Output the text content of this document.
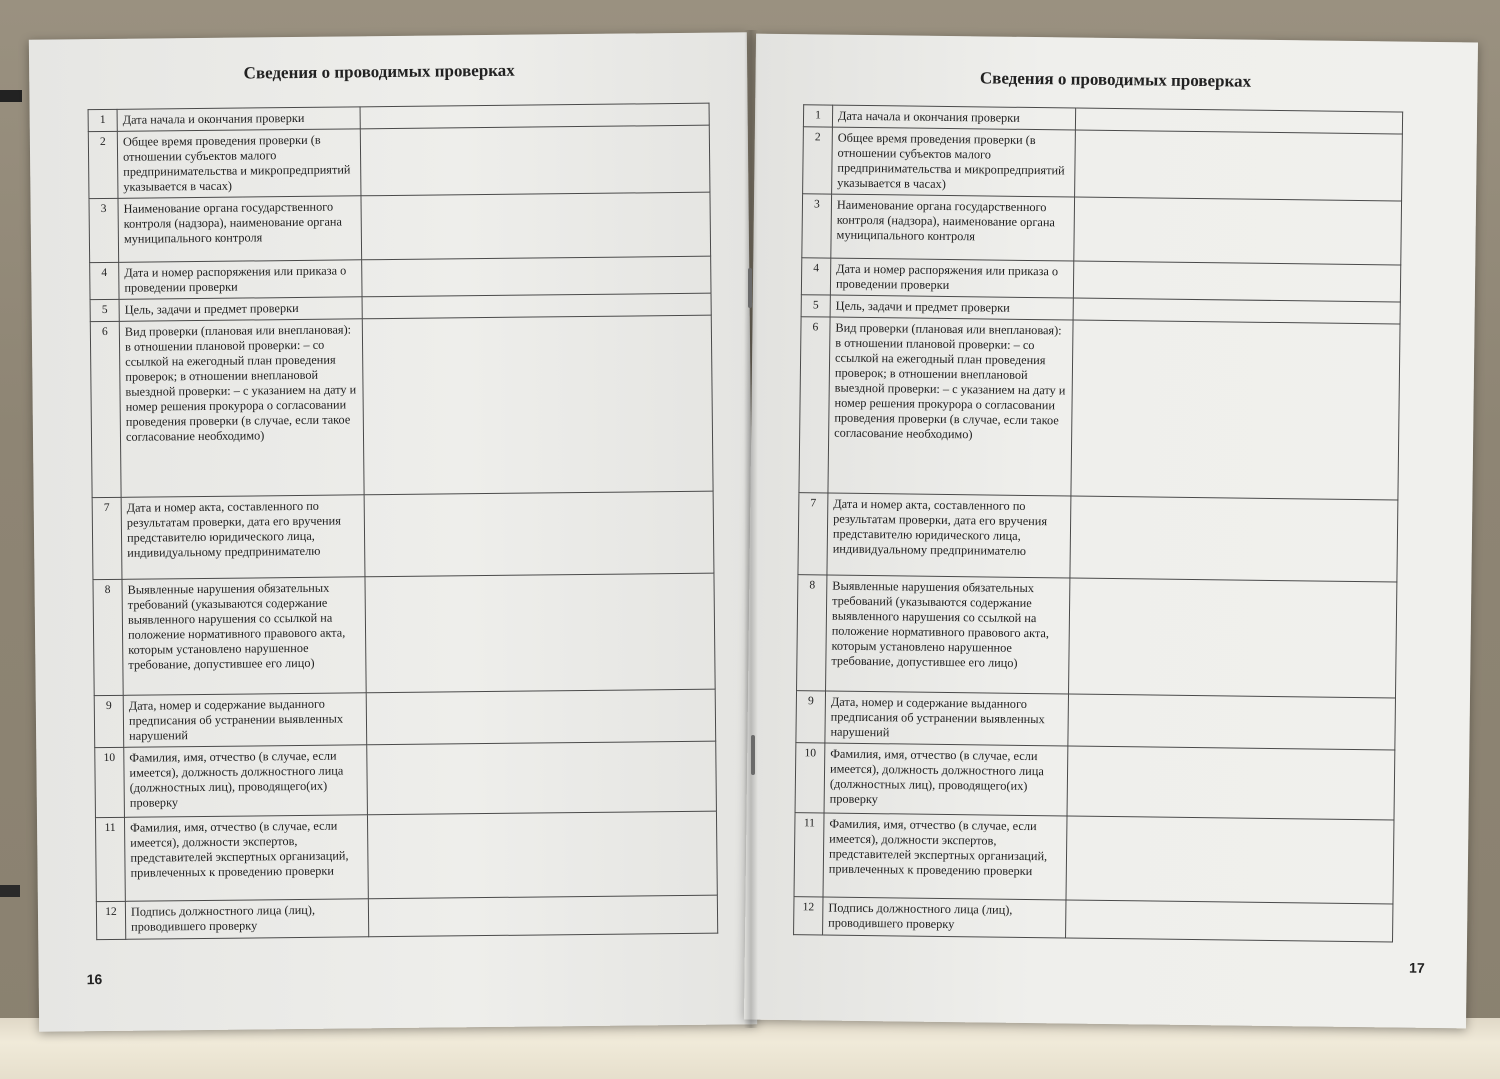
Сведения о проводимых проверках
1	Дата начала и окончания проверки	
2	Общее время проведения проверки (в отношении субъектов малого предпринимательства и микропредприятий указывается в часах)	
3	Наименование органа государственного контроля (надзора), наименование органа муниципального контроля	
4	Дата и номер распоряжения или приказа о проведении проверки	
5	Цель, задачи и предмет проверки	
6	Вид проверки (плановая или внеплановая): в отношении плановой проверки: – со ссылкой на ежегодный план проведения проверок; в отношении внеплановой выездной проверки: – с указанием на дату и номер решения прокурора о согласовании проведения проверки (в случае, если такое согласование необходимо)	
7	Дата и номер акта, составленного по результатам проверки, дата его вручения представителю юридического лица, индивидуальному предпринимателю	
8	Выявленные нарушения обязательных требований (указываются содержание выявленного нарушения со ссылкой на положение нормативного правового акта, которым установлено нарушенное требование, допустившее его лицо)	
9	Дата, номер и содержание выданного предписания об устранении выявленных нарушений	
10	Фамилия, имя, отчество (в случае, если имеется), должность должностного лица (должностных лиц), проводящего(их) проверку	
11	Фамилия, имя, отчество (в случае, если имеется), должности экспертов, представителей экспертных организаций, привлеченных к проведению проверки	
12	Подпись должностного лица (лиц), проводившего проверку	
16
Сведения о проводимых проверках
1	Дата начала и окончания проверки	
2	Общее время проведения проверки (в отношении субъектов малого предпринимательства и микропредприятий указывается в часах)	
3	Наименование органа государственного контроля (надзора), наименование органа муниципального контроля	
4	Дата и номер распоряжения или приказа о проведении проверки	
5	Цель, задачи и предмет проверки	
6	Вид проверки (плановая или внеплановая): в отношении плановой проверки: – со ссылкой на ежегодный план проведения проверок; в отношении внеплановой выездной проверки: – с указанием на дату и номер решения прокурора о согласовании проведения проверки (в случае, если такое согласование необходимо)	
7	Дата и номер акта, составленного по результатам проверки, дата его вручения представителю юридического лица, индивидуальному предпринимателю	
8	Выявленные нарушения обязательных требований (указываются содержание выявленного нарушения со ссылкой на положение нормативного правового акта, которым установлено нарушенное требование, допустившее его лицо)	
9	Дата, номер и содержание выданного предписания об устранении выявленных нарушений	
10	Фамилия, имя, отчество (в случае, если имеется), должность должностного лица (должностных лиц), проводящего(их) проверку	
11	Фамилия, имя, отчество (в случае, если имеется), должности экспертов, представителей экспертных организаций, привлеченных к проведению проверки	
12	Подпись должностного лица (лиц), проводившего проверку	
17
